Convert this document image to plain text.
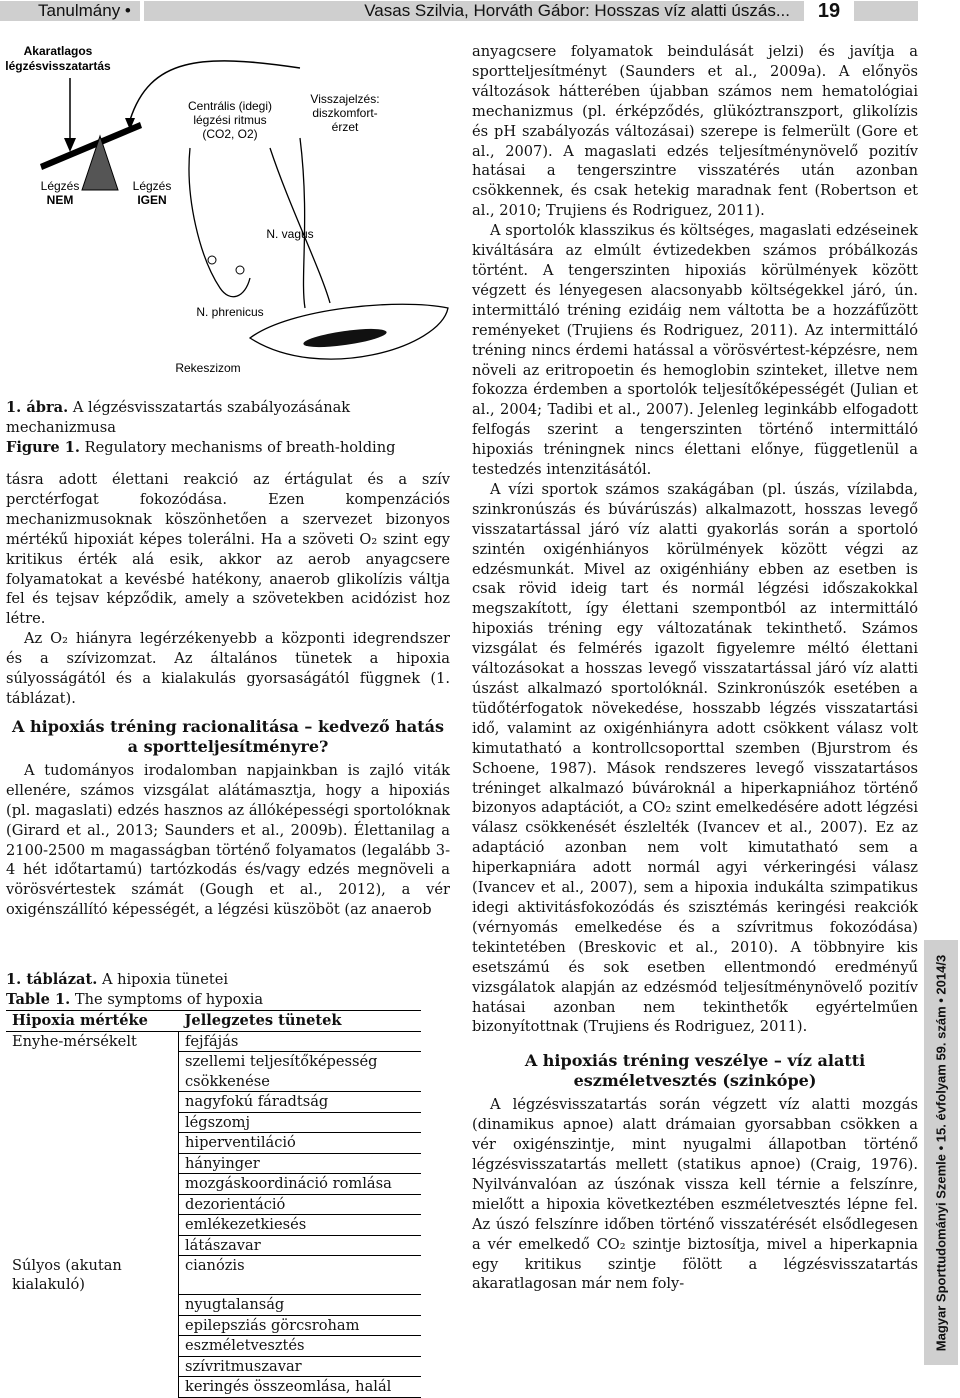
Tanulmány •	Vasas Szilvia, Horváth Gábor: Hosszas víz alatti úszás...	19
Akaratlagos
légzésvisszatartás
Centrális (idegi)
légzési ritmus
(CO2, O2)
Visszajelzés:
diszkomfort-
érzet
Légzés
NEM
Légzés
IGEN
N. vagus
N. phrenicus
Rekeszizom
1. ábra. A légzésvisszatartás szabályozásának mechanizmusa
Figure 1. Regulatory mechanisms of breath-holding

tásra adott élettani reakció az értágulat és a szív perctérfogat fokozódása. Ezen kompenzációs mechanizmusoknak köszönhetően a szervezet bizonyos mértékű hipoxiát képes tolerálni. Ha a szöveti O₂ szint egy kritikus érték alá esik, akkor az aerob anyagcsere folyamatokat a kevésbé hatékony, anaerob glikolízis váltja fel és tejsav képződik, amely a szövetekben acidózist hoz létre.

Az O₂ hiányra legérzékenyebb a központi idegrendszer és a szívizomzat. Az általános tünetek a hipoxia súlyosságától és a kialakulás gyorsaságától függnek (1. táblázat).

A hipoxiás tréning racionalitása – kedvező hatás a sportteljesítményre?

A tudományos irodalomban napjainkban is zajló viták ellenére, számos vizsgálat alátámasztja, hogy a hipoxiás (pl. magaslati) edzés hasznos az állóképességi sportolóknak (Girard et al., 2013; Saunders et al., 2009b). Élettanilag a 2100-2500 m magasságban történő folyamatos (legalább 3-4 hét időtartamú) tartózkodás és/vagy edzés megnöveli a vörösvértestek számát (Gough et al., 2012), a vér oxigénszállító képességét, a légzési küszöböt (az anaerob

1. táblázat. A hipoxia tünetei
Table 1. The symptoms of hypoxia
Hipoxia mértéke	Jellegzetes tünetek
Enyhe-mérsékelt	fejfájás
	szellemi teljesítőképesség csökkenése
	nagyfokú fáradtság
	légszomj
	hiperventiláció
	hányinger
	mozgáskoordináció romlása
	dezorientáció
	emlékezetkiesés
	látászavar
Súlyos (akutan kialakuló)	cianózis
	nyugtalanság
	epilepsziás görcsroham
	eszméletvesztés
	szívritmuszavar
	keringés összeomlása, halál

anyagcsere folyamatok beindulását jelzi) és javítja a sportteljesítményt (Saunders et al., 2009a). A előnyös változások hátterében újabban számos nem hematológiai mechanizmus (pl. érképződés, glükóztranszport, glikolízis és pH szabályozás változásai) szerepe is felmerült (Gore et al., 2007). A magaslati edzés teljesítménynövelő pozitív hatásai a tengerszintre visszatérés után azonban csökkennek, és csak hetekig maradnak fent (Robertson et al., 2010; Trujiens és Rodriguez, 2011).

A sportolók klasszikus és költséges, magaslati edzéseinek kiváltására az elmúlt évtizedekben számos próbálkozás történt. A tengerszinten hipoxiás körülmények között végzett és lényegesen alacsonyabb költségekkel járó, ún. intermittáló tréning ezidáig nem váltotta be a hozzáfűzött reményeket (Trujiens és Rodriguez, 2011). Az intermittáló tréning nincs érdemi hatással a vörösvértest-képzésre, nem növeli az eritropoetin és hemoglobin szinteket, illetve nem fokozza érdemben a sportolók teljesítőképességét (Julian et al., 2004; Tadibi et al., 2007). Jelenleg leginkább elfogadott felfogás szerint a tengerszinten történő intermittáló hipoxiás tréningnek nincs élettani előnye, függetlenül a testedzés intenzitásától.

A vízi sportok számos szakágában (pl. úszás, vízilabda, szinkronúszás és búvárúszás) alkalmazott, hosszas levegő visszatartással járó víz alatti gyakorlás során a sportoló szintén oxigénhiányos körülmények között végzi az edzésmunkát. Mivel az oxigénhiány ebben az esetben is csak rövid ideig tart és normál légzési időszakokkal megszakított, így élettani szempontból az intermittáló hipoxiás tréning egy változatának tekinthető. Számos vizsgálat és felmérés igazolt figyelemre méltó élettani változásokat a hosszas levegő visszatartással járó víz alatti úszást alkalmazó sportolóknál. Szinkronúszók esetében a tüdőtérfogatok növekedése, hosszabb légzés visszatartási idő, valamint az oxigénhiányra adott csökkent válasz volt kimutatható a kontrollcsoporttal szemben (Bjurstrom és Schoene, 1987). Mások rendszeres levegő visszatartásos tréninget alkalmazó búvároknál a hiperkapniához történő bizonyos adaptációt, a CO₂ szint emelkedésére adott légzési válasz csökkenését észlelték (Ivancev et al., 2007). Ez az adaptáció azonban nem volt kimutatható sem a hiperkapniára adott normál agyi vérkeringési válasz (Ivancev et al., 2007), sem a hipoxia indukálta szimpatikus idegi aktivitásfokozódás és szisztémás keringési reakciók (vérnyomás emelkedése és a szívritmus fokozódása) tekintetében (Breskovic et al., 2010). A többnyire kis esetszámú és sok esetben ellentmondó eredményű vizsgálatok alapján az edzésmód teljesítménynövelő pozitív hatásai azonban nem tekinthetők egyértelműen bizonyítottnak (Trujiens és Rodriguez, 2011).

A hipoxiás tréning veszélye – víz alatti eszméletvesztés (szinkópe)

A légzésvisszatartás során végzett víz alatti mozgás (dinamikus apnoe) alatt drámaian gyorsabban csökken a vér oxigénszintje, mint nyugalmi állapotban történő légzésvisszatartás mellett (statikus apnoe) (Craig, 1976). Nyilvánvalóan az úszónak vissza kell térnie a felszínre, mielőtt a hipoxia következtében eszméletvesztés lépne fel. Az úszó felszínre időben történő visszatérését elsődlegesen a vér emelkedő CO₂ szintje biztosítja, mivel a hiperkapnia egy kritikus szintje fölött a légzésvisszatartás akaratlagosan már nem foly-	Magyar Sporttudományi Szemle • 15. évfolyam 59. szám • 2014/3
